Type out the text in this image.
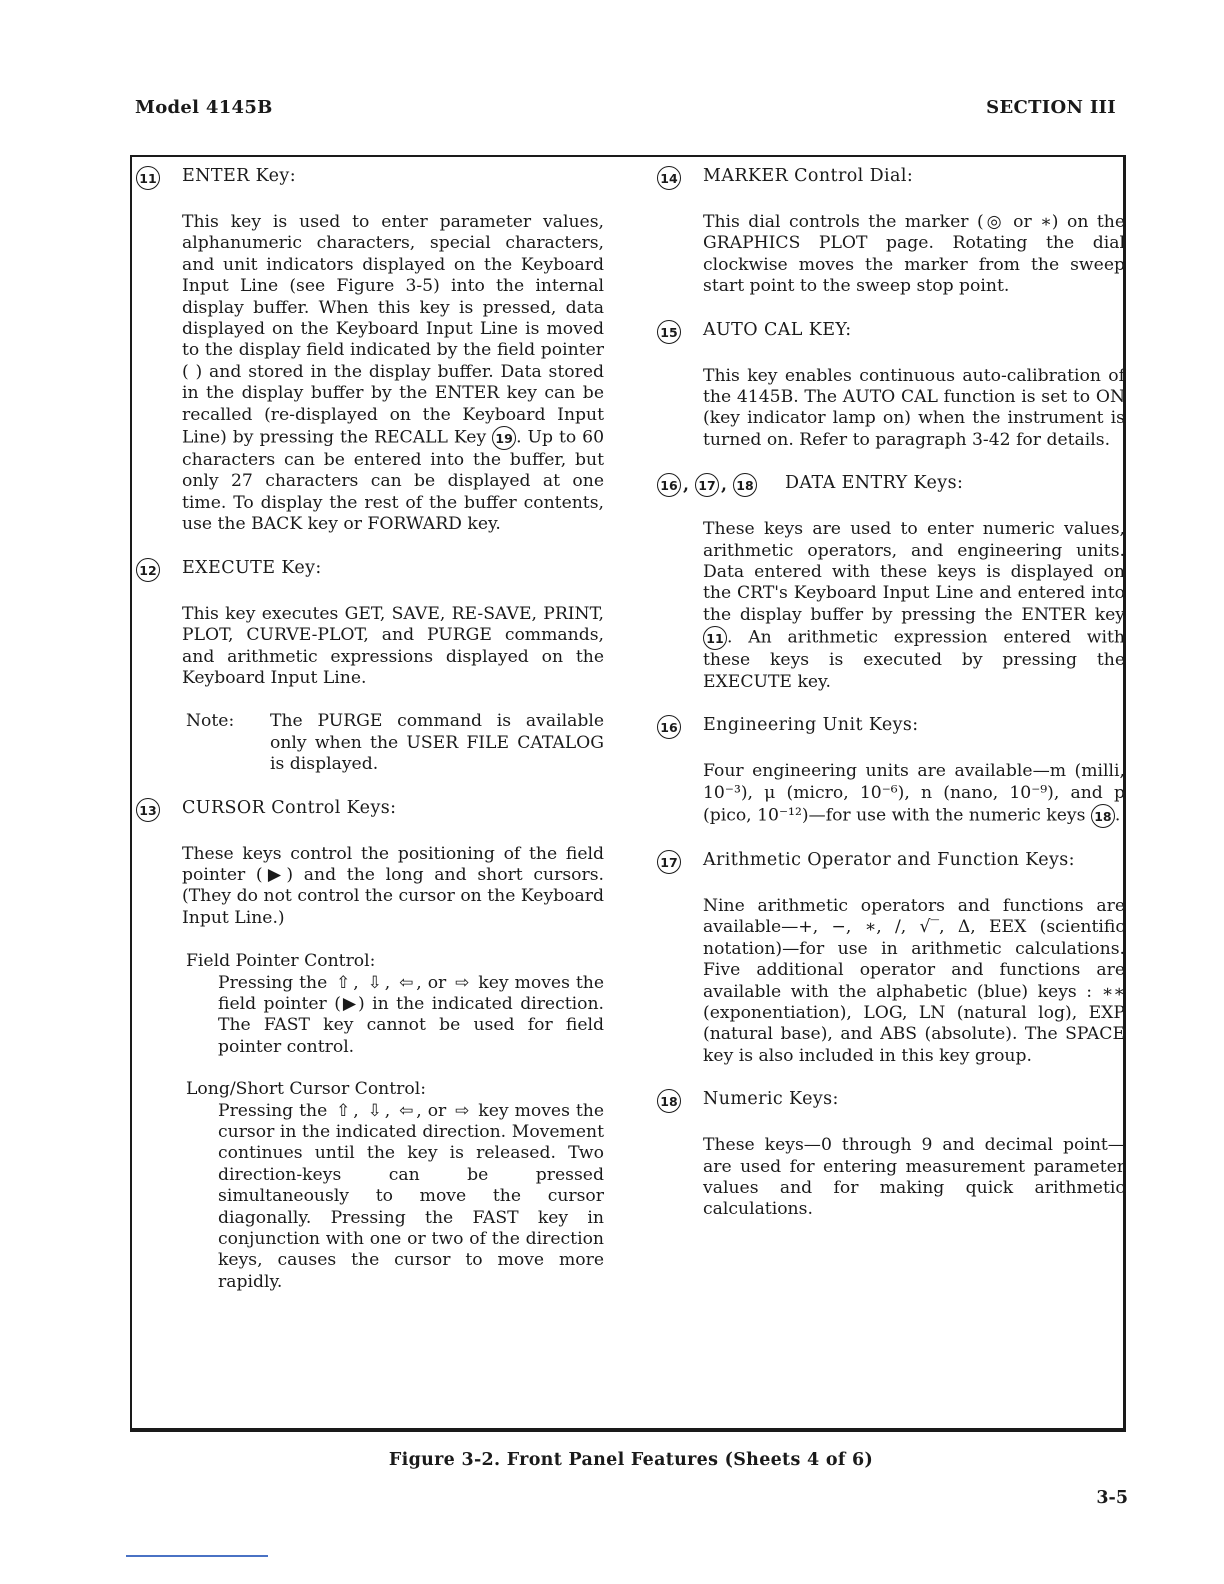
Model 4145B	SECTION III
11 ENTER Key:
This key is used to enter parameter values, alphanumeric characters, special characters, and unit indicators displayed on the Keyboard Input Line (see Figure 3-5) into the internal display buffer. When this key is pressed, data displayed on the Keyboard Input Line is moved to the display field indicated by the field pointer ( ) and stored in the display buffer. Data stored in the display buffer by the ENTER key can be recalled (re-displayed on the Keyboard Input Line) by pressing the RECALL Key 19 . Up to 60 characters can be entered into the buffer, but only 27 characters can be displayed at one time. To display the rest of the buffer contents, use the BACK key or FORWARD key.
12 EXECUTE Key:
This key executes GET, SAVE, RE-SAVE, PRINT, PLOT, CURVE-PLOT, and PURGE commands, and arithmetic expressions displayed on the Keyboard Input Line.
Note:	The PURGE command is available only when the USER FILE CATALOG is displayed.
13 CURSOR Control Keys:
These keys control the positioning of the field pointer (▶) and the long and short cursors. (They do not control the cursor on the Keyboard Input Line.)
Field Pointer Control:
Pressing the ⇧ , ⇩ , ⇦ , or ⇨ key moves the field pointer (▶) in the indicated direction. The FAST key cannot be used for field pointer control.
Long/Short Cursor Control:
Pressing the ⇧ , ⇩ , ⇦ , or ⇨ key moves the cursor in the indicated direction. Movement continues until the key is released. Two direction-keys can be pressed simultaneously to move the cursor diagonally. Pressing the FAST key in conjunction with one or two of the direction keys, causes the cursor to move more rapidly.
14 MARKER Control Dial:
This dial controls the marker (◎ or ∗) on the GRAPHICS PLOT page. Rotating the dial clockwise moves the marker from the sweep start point to the sweep stop point.
15 AUTO CAL KEY:
This key enables continuous auto-calibration of the 4145B. The AUTO CAL function is set to ON (key indicator lamp on) when the instrument is turned on. Refer to paragraph 3-42 for details.
16 , 17 , 18	DATA ENTRY Keys:
These keys are used to enter numeric values, arithmetic operators, and engineering units. Data entered with these keys is displayed on the CRT's Keyboard Input Line and entered into the display buffer by pressing the ENTER key 11 . An arithmetic expression entered with these keys is executed by pressing the EXECUTE key.
16 Engineering Unit Keys:
Four engineering units are available—m (milli, 10⁻³), μ (micro, 10⁻⁶), n (nano, 10⁻⁹), and p (pico, 10⁻¹²)—for use with the numeric keys 18 .
17 Arithmetic Operator and Function Keys:
Nine arithmetic operators and functions are available—+, −, ∗, /, √‾, Δ, EEX (scientific notation)—for use in arithmetic calculations. Five additional operator and functions are available with the alphabetic (blue) keys : ∗∗ (exponentiation), LOG, LN (natural log), EXP (natural base), and ABS (absolute). The SPACE key is also included in this key group.
18 Numeric Keys:
These keys—0 through 9 and decimal point—are used for entering measurement parameter values and for making quick arithmetic calculations.
Figure 3-2. Front Panel Features (Sheets 4 of 6)
3-5
